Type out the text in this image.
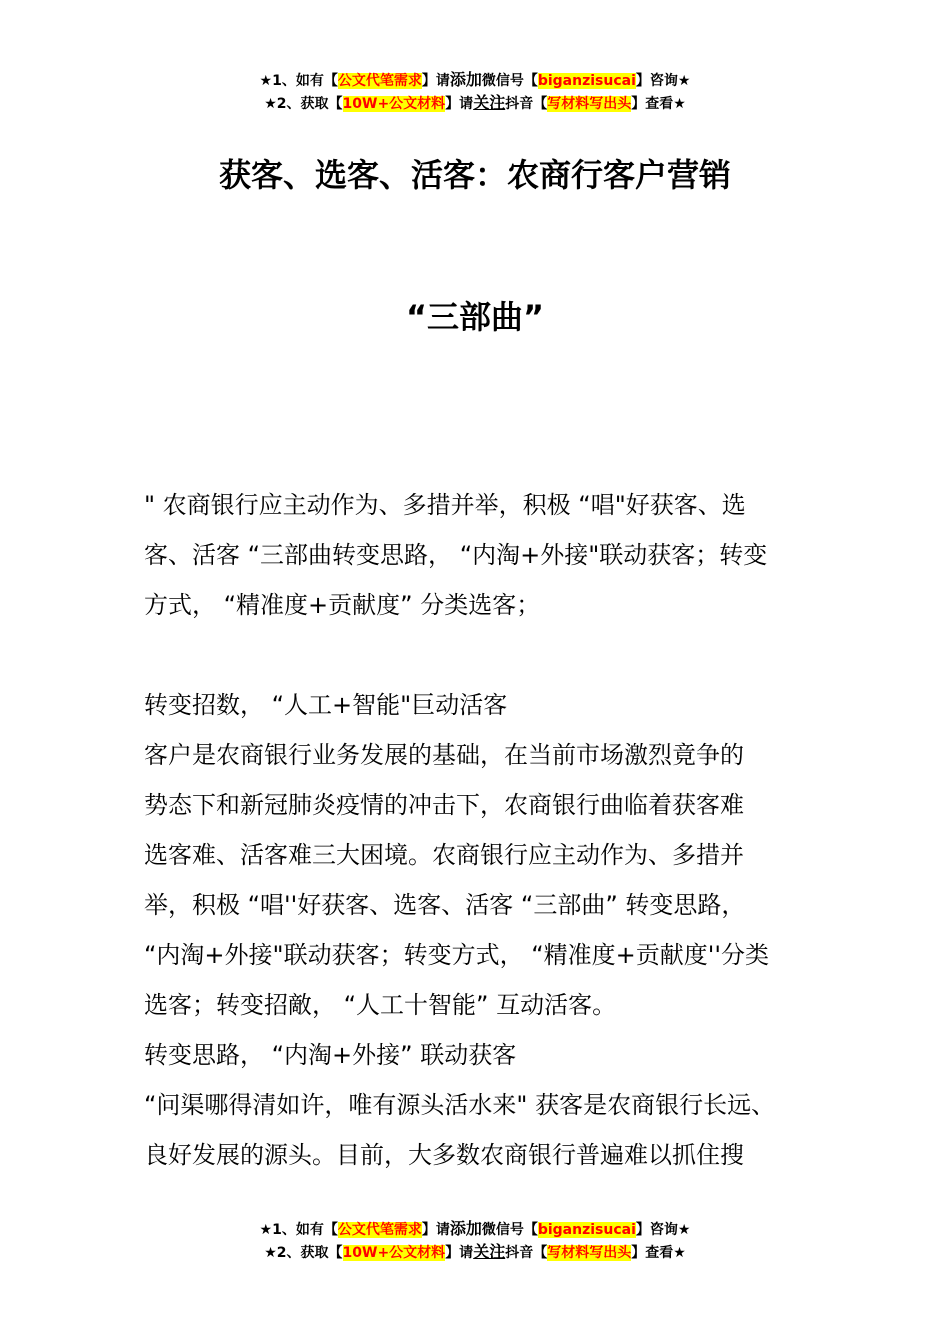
★1、如有【公文代笔需求】请添加微信号【biganzisucai】咨询★
★2、获取【10W+公文材料】请关注抖音【写材料写出头】查看★
获客、选客、活客：农商行客户营销
“三部曲”

" 农商银行应主动作为、多措并举，积极 “唱"好获客、选

客、活客 “三部曲转变思路， “内淘+外接"联动获客；转变

方式， “精准度+贡献度” 分类选客；

转变招数， “人工+智能"巨动活客

客户是农商银行业务发展的基础，在当前市场激烈竟争的

势态下和新冠肺炎疫情的冲击下，农商银行曲临着获客难

选客难、活客难三大困境。农商银行应主动作为、多措并

举，积极 “唱''好获客、选客、活客 “三部曲” 转变思路，

“内淘+外接"联动获客；转变方式， “精准度+贡献度''分类

选客；转变招敵， “人工十智能” 互动活客。

转变思路， “内淘+外接” 联动获客

“问渠哪得清如许，唯有源头活水来" 获客是农商银行长远、

良好发展的源头。目前，大多数农商银行普遍难以抓住搜

★1、如有【公文代笔需求】请添加微信号【biganzisucai】咨询★
★2、获取【10W+公文材料】请关注抖音【写材料写出头】查看★
